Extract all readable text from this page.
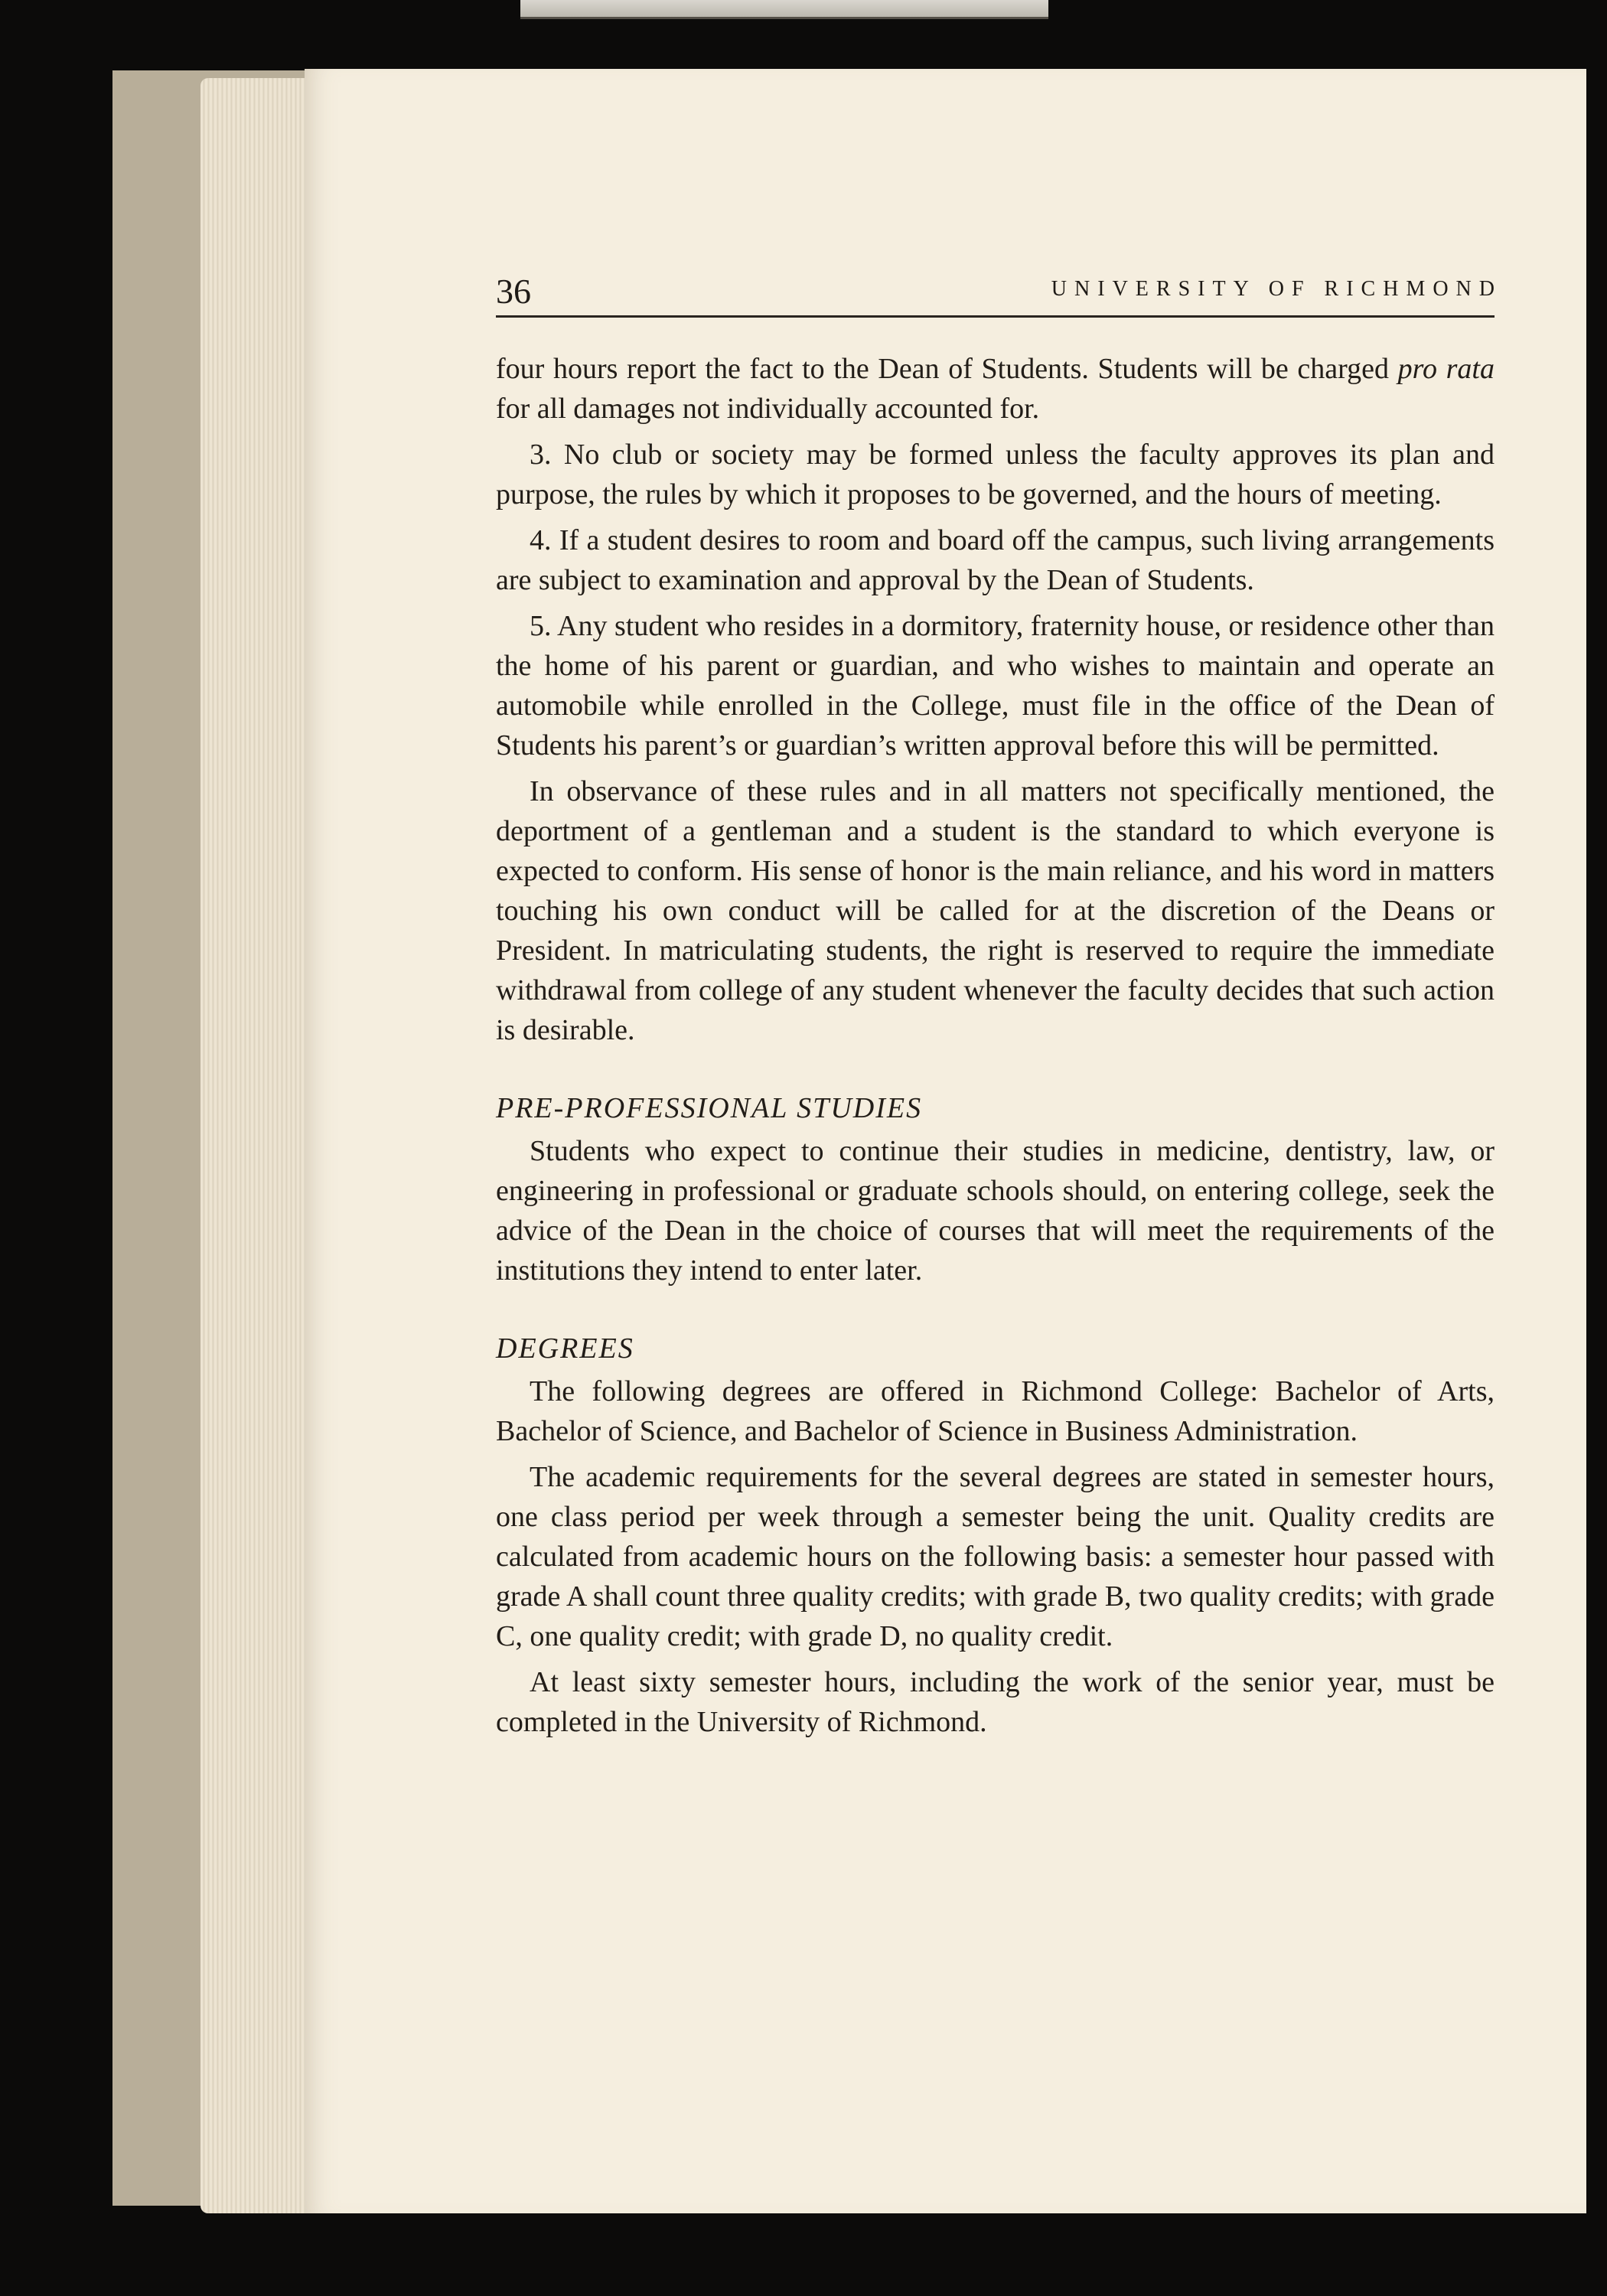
36	UNIVERSITY OF RICHMOND

four hours report the fact to the Dean of Students. Students will be charged pro rata for all damages not individually accounted for.

3. No club or society may be formed unless the faculty approves its plan and purpose, the rules by which it proposes to be governed, and the hours of meeting.

4. If a student desires to room and board off the campus, such living arrangements are subject to examination and approval by the Dean of Students.

5. Any student who resides in a dormitory, fraternity house, or residence other than the home of his parent or guardian, and who wishes to maintain and operate an automobile while enrolled in the College, must file in the office of the Dean of Students his parent’s or guardian’s written approval before this will be permitted.

In observance of these rules and in all matters not specifically mentioned, the deportment of a gentleman and a student is the standard to which everyone is expected to conform. His sense of honor is the main reliance, and his word in matters touching his own conduct will be called for at the discretion of the Deans or President. In matriculating students, the right is reserved to require the immediate withdrawal from college of any student whenever the faculty decides that such action is desirable.

PRE-PROFESSIONAL STUDIES

Students who expect to continue their studies in medicine, dentistry, law, or engineering in professional or graduate schools should, on entering college, seek the advice of the Dean in the choice of courses that will meet the requirements of the institutions they intend to enter later.

DEGREES

The following degrees are offered in Richmond College: Bachelor of Arts, Bachelor of Science, and Bachelor of Science in Business Administration.

The academic requirements for the several degrees are stated in semester hours, one class period per week through a semester being the unit. Quality credits are calculated from academic hours on the following basis: a semester hour passed with grade A shall count three quality credits; with grade B, two quality credits; with grade C, one quality credit; with grade D, no quality credit.

At least sixty semester hours, including the work of the senior year, must be completed in the University of Richmond.
